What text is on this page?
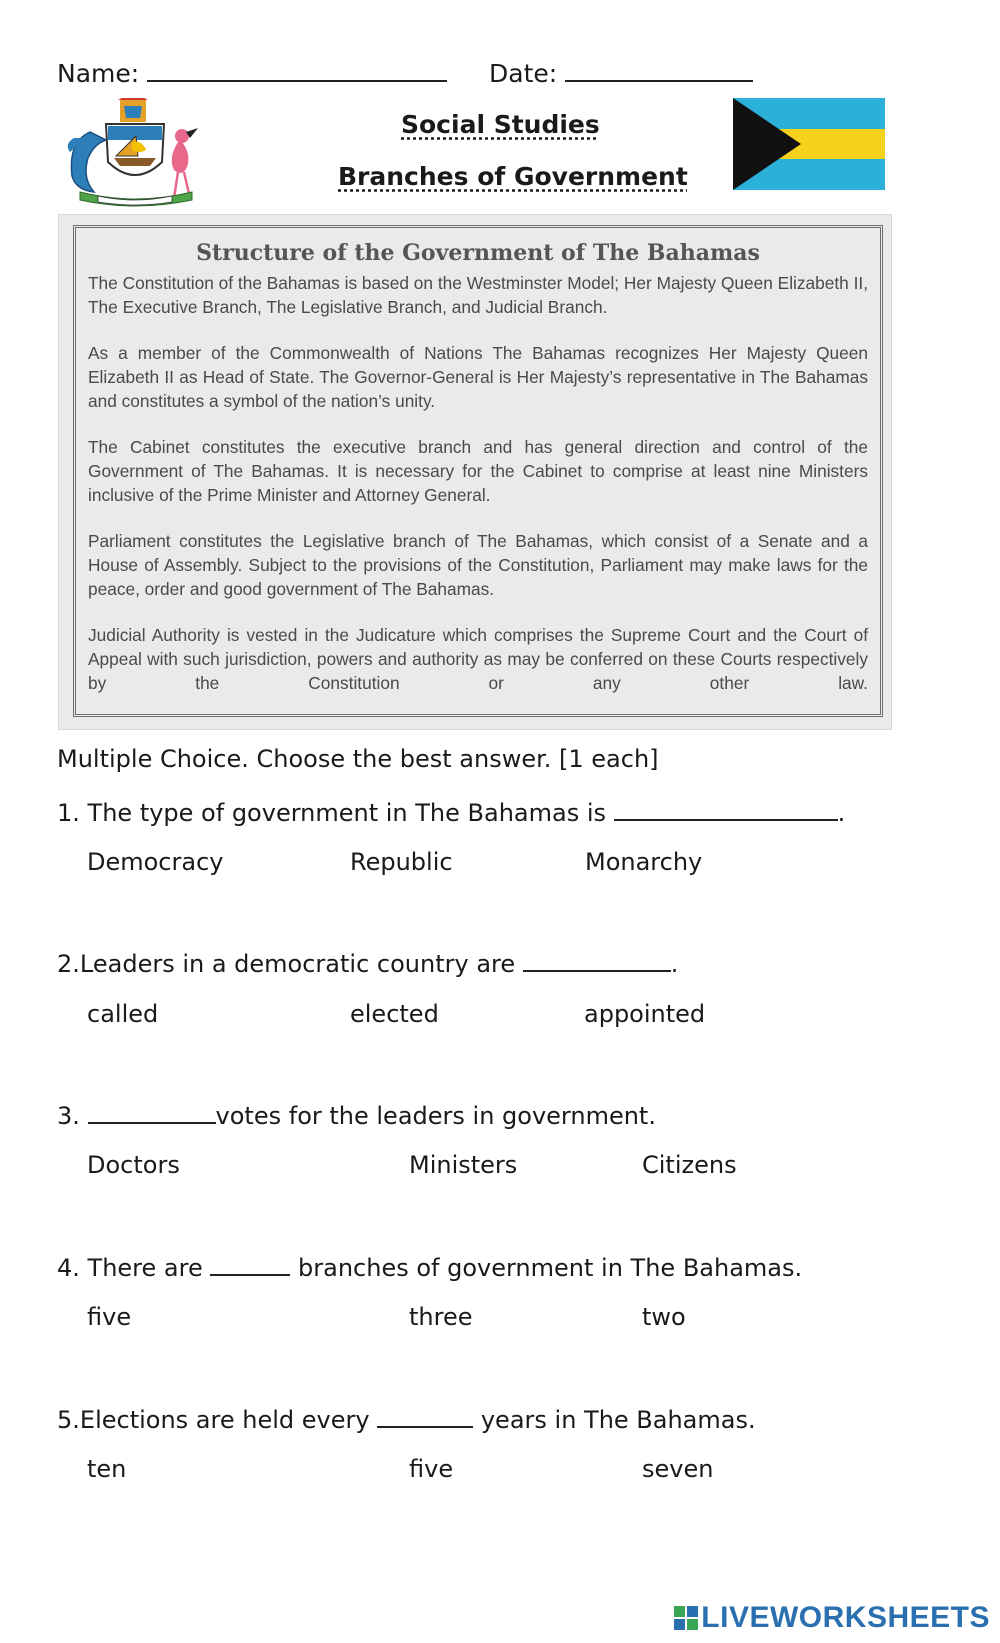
Name:	Date:
Social Studies
Branches of Government
Structure of the Government of The Bahamas

The Constitution of the Bahamas is based on the Westminster Model; Her Majesty Queen Elizabeth II, The Executive Branch, The Legislative Branch, and Judicial Branch.

As a member of the Commonwealth of Nations The Bahamas recognizes Her Majesty Queen Elizabeth II as Head of State. The Governor-General is Her Majesty’s representative in The Bahamas and constitutes a symbol of the nation’s unity.

The Cabinet constitutes the executive branch and has general direction and control of the Government of The Bahamas. It is necessary for the Cabinet to comprise at least nine Ministers inclusive of the Prime Minister and Attorney General.

Parliament constitutes the Legislative branch of The Bahamas, which consist of a Senate and a House of Assembly. Subject to the provisions of the Constitution, Parliament may make laws for the peace, order and good government of The Bahamas.

Judicial Authority is vested in the Judicature which comprises the Supreme Court and the Court of Appeal with such jurisdiction, powers and authority as may be conferred on these Courts respectively by the Constitution or any other law.

Multiple Choice. Choose the best answer. [1 each]
1. The type of government in The Bahamas is	.
Democracy	Republic	Monarchy
2.Leaders in a democratic country are	.
called	elected	appointed
3.	votes for the leaders in government.
Doctors	Ministers	Citizens
4. There are	branches of government in The Bahamas.
five	three	two
5.Elections are held every	years in The Bahamas.
ten	five	seven
LIVEWORKSHEETS
